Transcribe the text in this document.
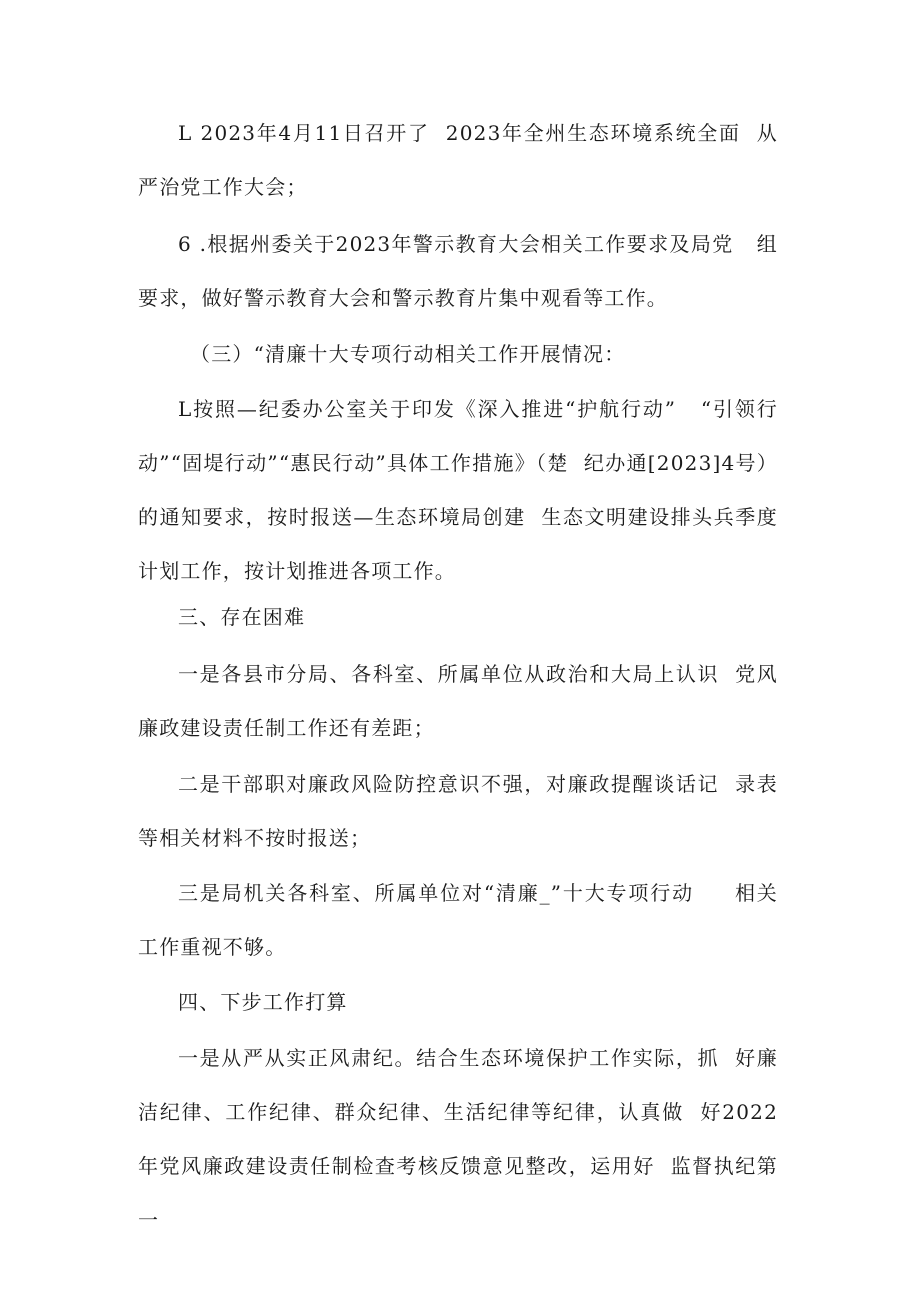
L 2023年4月11日召开了  2023年全州生态环境系统全面  从严治党工作大会；

6 .根据州委关于2023年警示教育大会相关工作要求及局党   组要求，做好警示教育大会和警示教育片集中观看等工作。

（三）“清廉十大专项行动相关工作开展情况：

L按照—纪委办公室关于印发《深入推进“护航行动”   “引领行动”“固堤行动”“惠民行动”具体工作措施》（楚  纪办通[2023]4号）的通知要求，按时报送—生态环境局创建  生态文明建设排头兵季度计划工作，按计划推进各项工作。

三、存在困难

一是各县市分局、各科室、所属单位从政治和大局上认识  党风廉政建设责任制工作还有差距；

二是干部职对廉政风险防控意识不强，对廉政提醒谈话记  录表等相关材料不按时报送；

三是局机关各科室、所属单位对“清廉_”十大专项行动     相关工作重视不够。

四、下步工作打算

一是从严从实正风肃纪。结合生态环境保护工作实际，抓  好廉洁纪律、工作纪律、群众纪律、生活纪律等纪律，认真做  好2022年党风廉政建设责任制检查考核反馈意见整改，运用好  监督执纪第一
